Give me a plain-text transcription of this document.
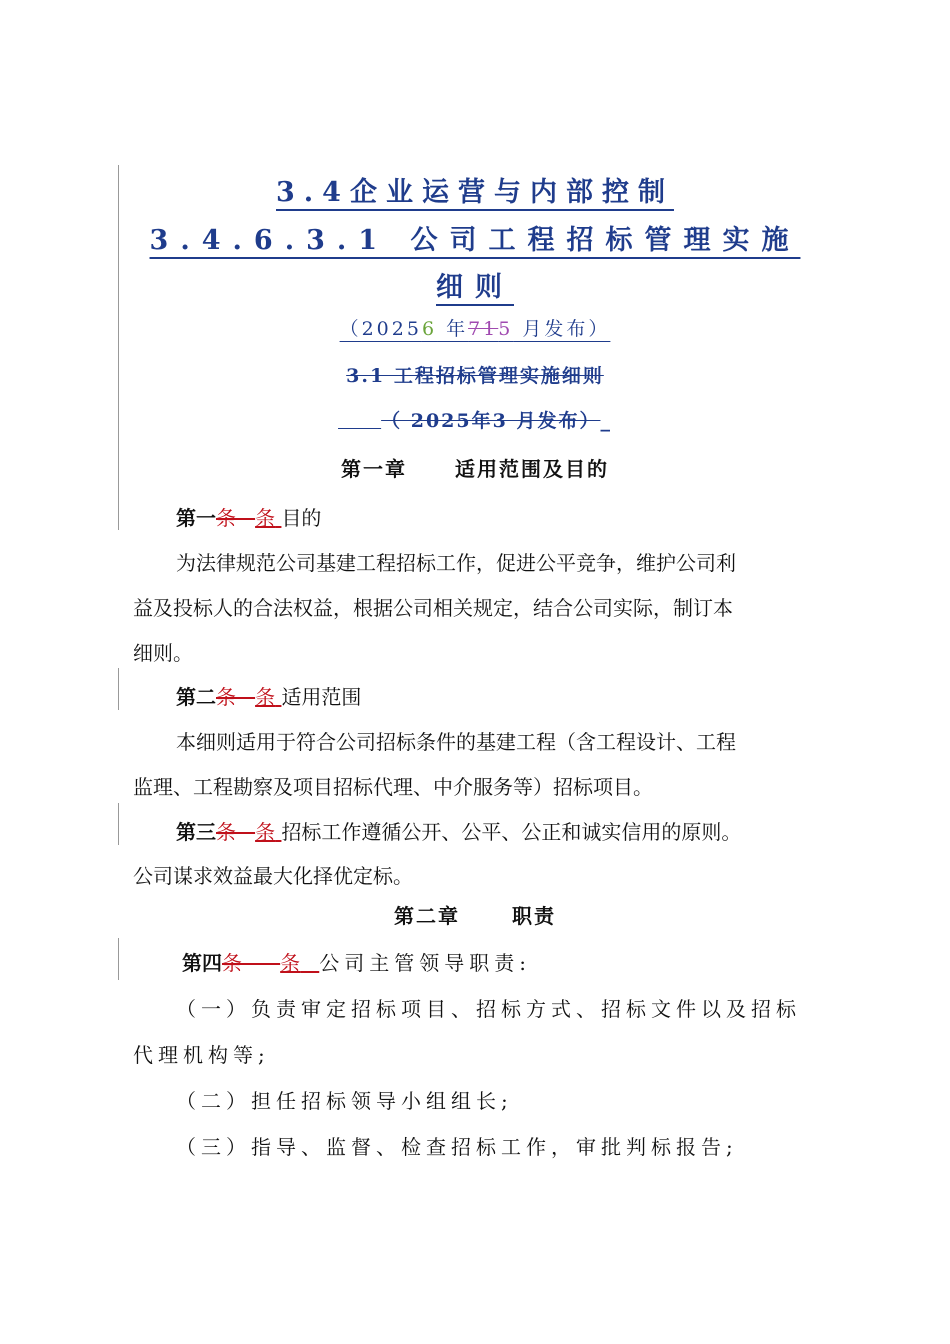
3.4企业运营与内部控制
3.4.6.3.1 公司工程招标管理实施
细则
（20256 年715 月发布）
3.1 工程招标管理实施细则
（ 2025年3 月发布）_
第一章 适用范围及目的
第一条 条 目的
为法律规范公司基建工程招标工作，促进公平竞争，维护公司利
益及投标人的合法权益，根据公司相关规定，结合公司实际，制订本
细则。
第二条 条 适用范围
本细则适用于符合公司招标条件的基建工程（含工程设计、工程
监理、工程勘察及项目招标代理、中介服务等）招标项目。
第三条 条 招标工作遵循公开、公平、公正和诚实信用的原则。
公司谋求效益最大化择优定标。
第二章	职责
第四条 条 公司主管领导职责:
（一）负责审定招标项目、招标方式、招标文件以及招标
代理机构等;
（二）担任招标领导小组组长;
（三）指导、监督、检查招标工作，审批判标报告;
